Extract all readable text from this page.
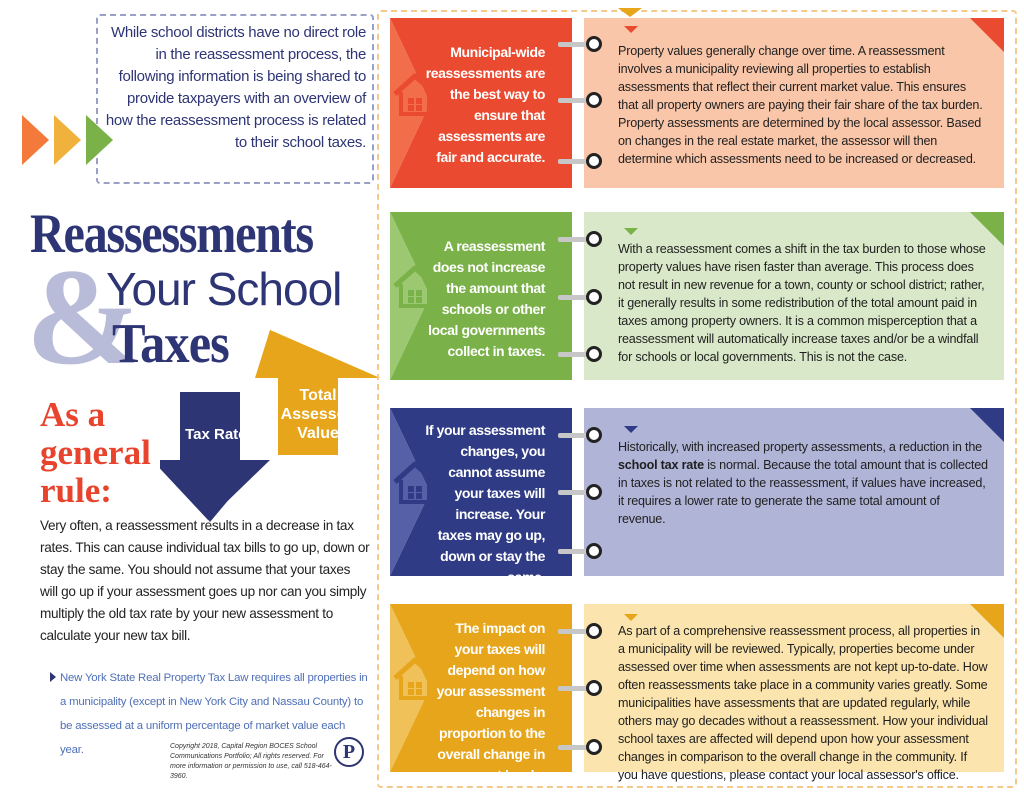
While school districts have no direct role in the reassessment process, the following information is being shared to provide taxpayers with an overview of how the reassessment process is related to their school taxes.
&
Reassessments
Your School
Taxes
Tax Rates
Total Assessed Value
As a
general
rule:
Very often, a reassessment results in a decrease in tax rates. This can cause individual tax bills to go up, down or stay the same. You should not assume that your taxes will go up if your assessment goes up nor can you simply multiply the old tax rate by your new assessment to calculate your new tax bill.
New York State Real Property Tax Law requires all properties in a municipality (except in New York City and Nassau County) to be assessed at a uniform percentage of market value each year.	Copyright 2018, Capital Region BOCES School Communications Portfolio; All rights reserved. For more information or permission to use, call 518-464-3960.
P
Municipal-wide reassessments are the best way to ensure that assessments are fair and accurate.
Property values generally change over time. A reassessment involves a municipality reviewing all properties to establish assessments that reflect their current market value. This ensures that all property owners are paying their fair share of the tax burden. Property assessments are determined by the local assessor. Based on changes in the real estate market, the assessor will then determine which assessments need to be increased or decreased.
A reassessment does not increase the amount that schools or other local governments collect in taxes.
With a reassessment comes a shift in the tax burden to those whose property values have risen faster than average. This process does not result in new revenue for a town, county or school district; rather, it generally results in some redistribution of the total amount paid in taxes among property owners. It is a common misperception that a reassessment will automatically increase taxes and/or be a windfall for schools or local governments. This is not the case.
If your assessment changes, you cannot assume your taxes will increase. Your taxes may go up, down or stay the same.
Historically, with increased property assessments, a reduction in the school tax rate is normal. Because the total amount that is collected in taxes is not related to the reassessment, if values have increased, it requires a lower rate to generate the same total amount of revenue.
The impact on your taxes will depend on how your assessment changes in proportion to the overall change in assessment levels.
As part of a comprehensive reassessment process, all properties in a municipality will be reviewed. Typically, properties become under assessed over time when assessments are not kept up-to-date. How often reassessments take place in a community varies greatly. Some municipalities have assessments that are updated regularly, while others may go decades without a reassessment. How your individual school taxes are affected will depend upon how your assessment changes in comparison to the overall change in the community. If you have questions, please contact your local assessor's office.
